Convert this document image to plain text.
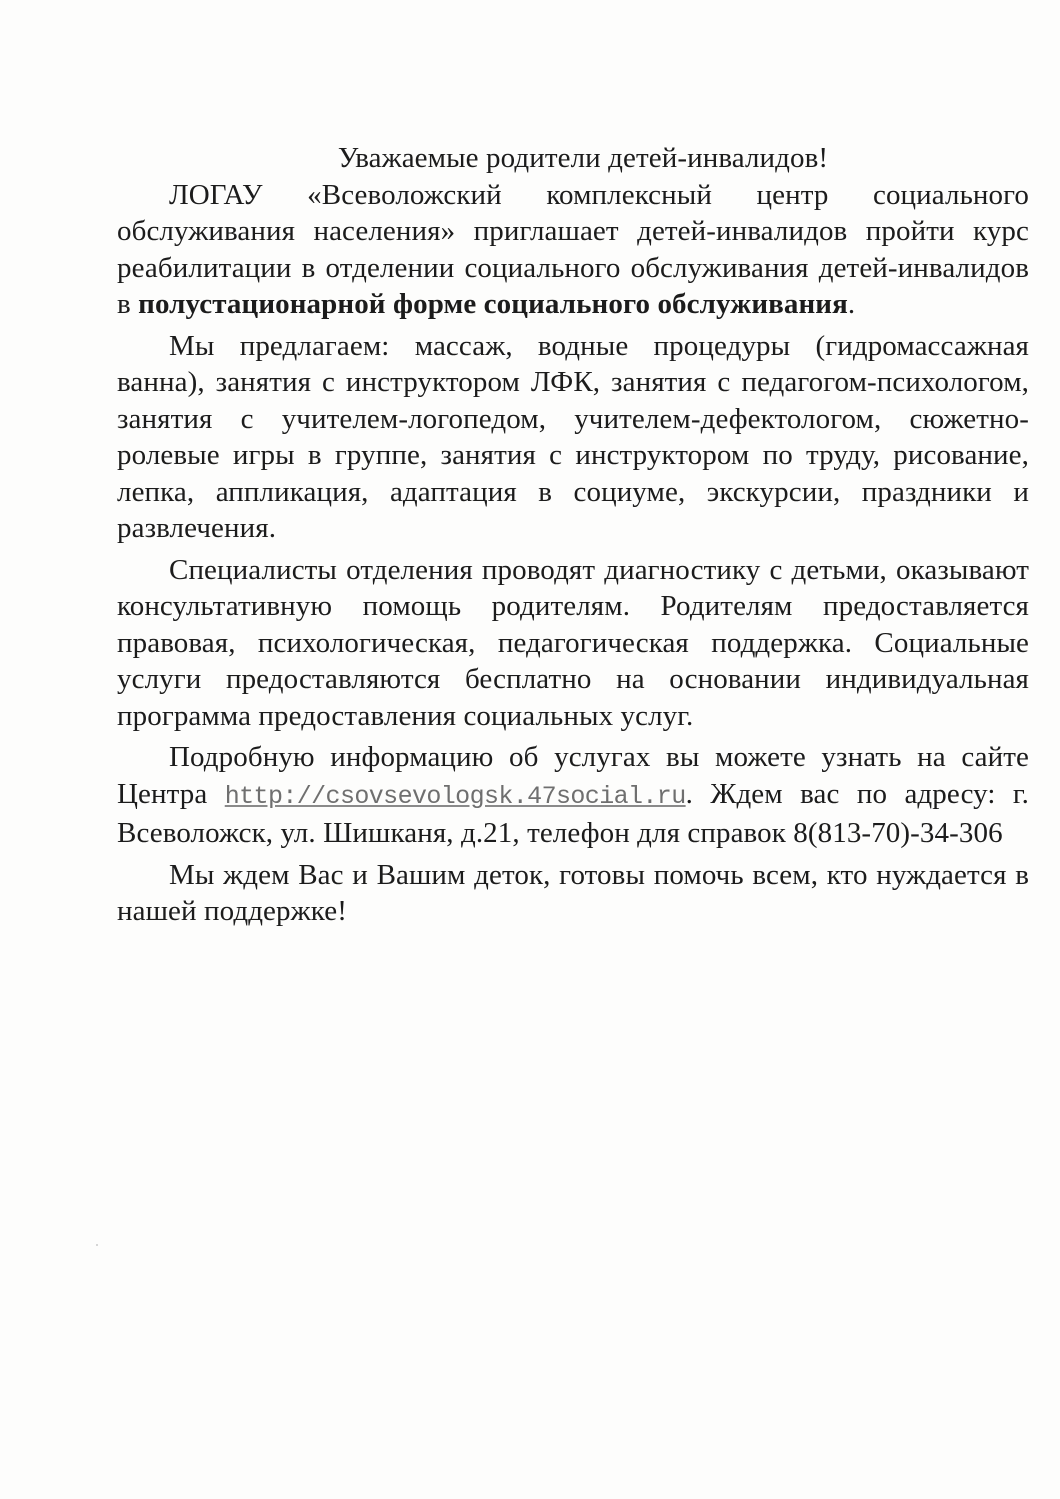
Уважаемые родители детей-инвалидов!

ЛОГАУ «Всеволожский комплексный центр социального обслуживания населения» приглашает детей-инвалидов пройти курс реабилитации в отделении социального обслуживания детей-инвалидов в полустационарной форме социального обслуживания.

Мы предлагаем: массаж, водные процедуры (гидромассажная ванна), занятия с инструктором ЛФК, занятия с педагогом-психологом, занятия с учителем-логопедом, учителем-дефектологом, сюжетно-ролевые игры в группе, занятия с инструктором по труду, рисование, лепка, аппликация, адаптация в социуме, экскурсии, праздники и развлечения.

Специалисты отделения проводят диагностику с детьми, оказывают консультативную помощь родителям. Родителям предоставляется правовая, психологическая, педагогическая поддержка. Социальные услуги предоставляются бесплатно на основании индивидуальная программа предоставления социальных услуг.

Подробную информацию об услугах вы можете узнать на сайте Центра http://csovsevologsk.47social.ru. Ждем вас по адресу: г. Всеволожск, ул. Шишканя, д.21, телефон для справок 8(813-70)-34-306

Мы ждем Вас и Вашим деток, готовы помочь всем, кто нуждается в нашей поддержке!
